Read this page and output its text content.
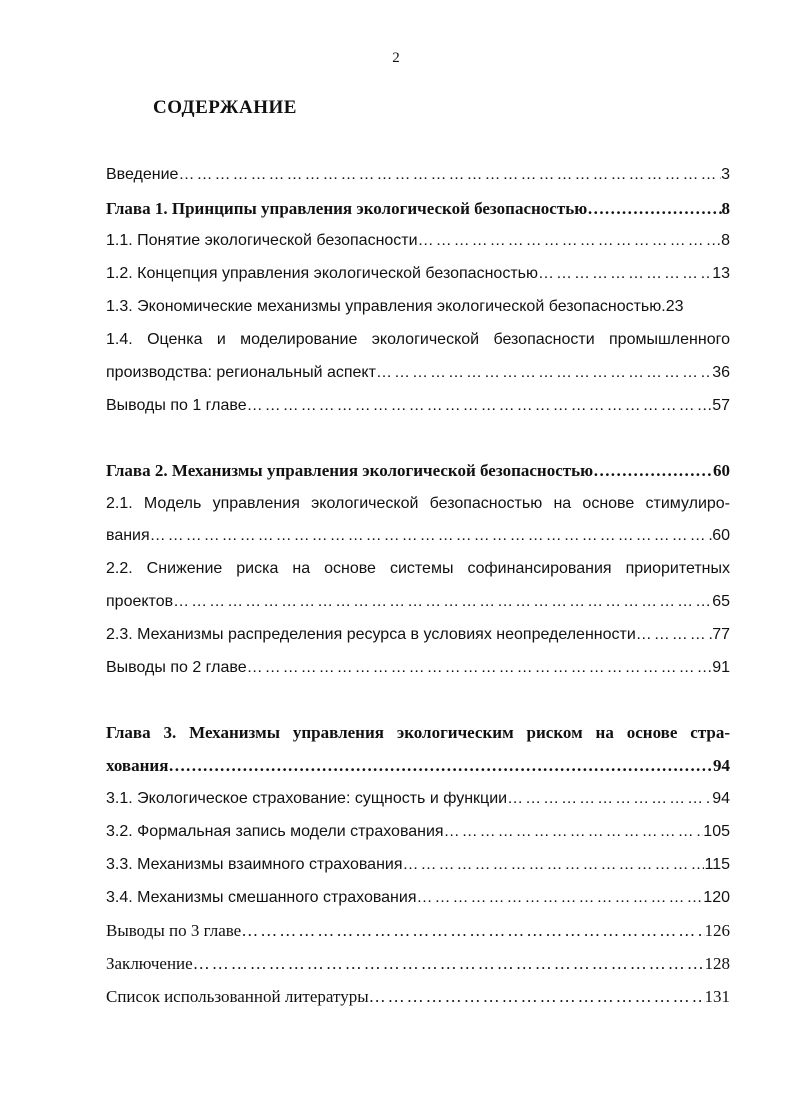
2
СОДЕРЖАНИЕ
Введение ……………………………………………………………………………………………………………………………………………………………	3
Глава 1. Принципы управления экологической безопасностью ……………………………………………………………………………………………………………………………………………………………	8
1.1. Понятие экологической безопасности ……………………………………………………………………………………………………………………………………………………………	8
1.2. Концепция управления экологической безопасностью ……………………………………………………………………………………………………………………………………………………………	13
1.3. Экономические механизмы управления экологической безопасностью. 23
1.4. Оценка и моделирование экологической безопасности промышленного
производства: региональный аспект ……………………………………………………………………………………………………………………………………………………………	36
Выводы по 1 главе ……………………………………………………………………………………………………………………………………………………………	57
Глава 2. Механизмы управления экологической безопасностью ……………………………………………………………………………………………………………………………………………………………	60
2.1. Модель управления экологической безопасностью на основе стимулиро-
вания ……………………………………………………………………………………………………………………………………………………………	60
2.2. Снижение риска на основе системы софинансирования приоритетных
проектов ……………………………………………………………………………………………………………………………………………………………	65
2.3. Механизмы распределения ресурса в условиях неопределенности ……………………………………………………………………………………………………………………………………………………………	77
Выводы по 2 главе ……………………………………………………………………………………………………………………………………………………………	91
Глава 3. Механизмы управления экологическим риском на основе стра-
хования ……………………………………………………………………………………………………………………………………………………………	94
3.1. Экологическое страхование: сущность и функции ……………………………………………………………………………………………………………………………………………………………	94
3.2. Формальная запись модели страхования ……………………………………………………………………………………………………………………………………………………………	105
3.3. Механизмы взаимного страхования ……………………………………………………………………………………………………………………………………………………………	115
3.4. Механизмы смешанного страхования ……………………………………………………………………………………………………………………………………………………………	120
Выводы по 3 главе ……………………………………………………………………………………………………………………………………………………………	126
Заключение ……………………………………………………………………………………………………………………………………………………………	128
Список использованной литературы ……………………………………………………………………………………………………………………………………………………………	131
